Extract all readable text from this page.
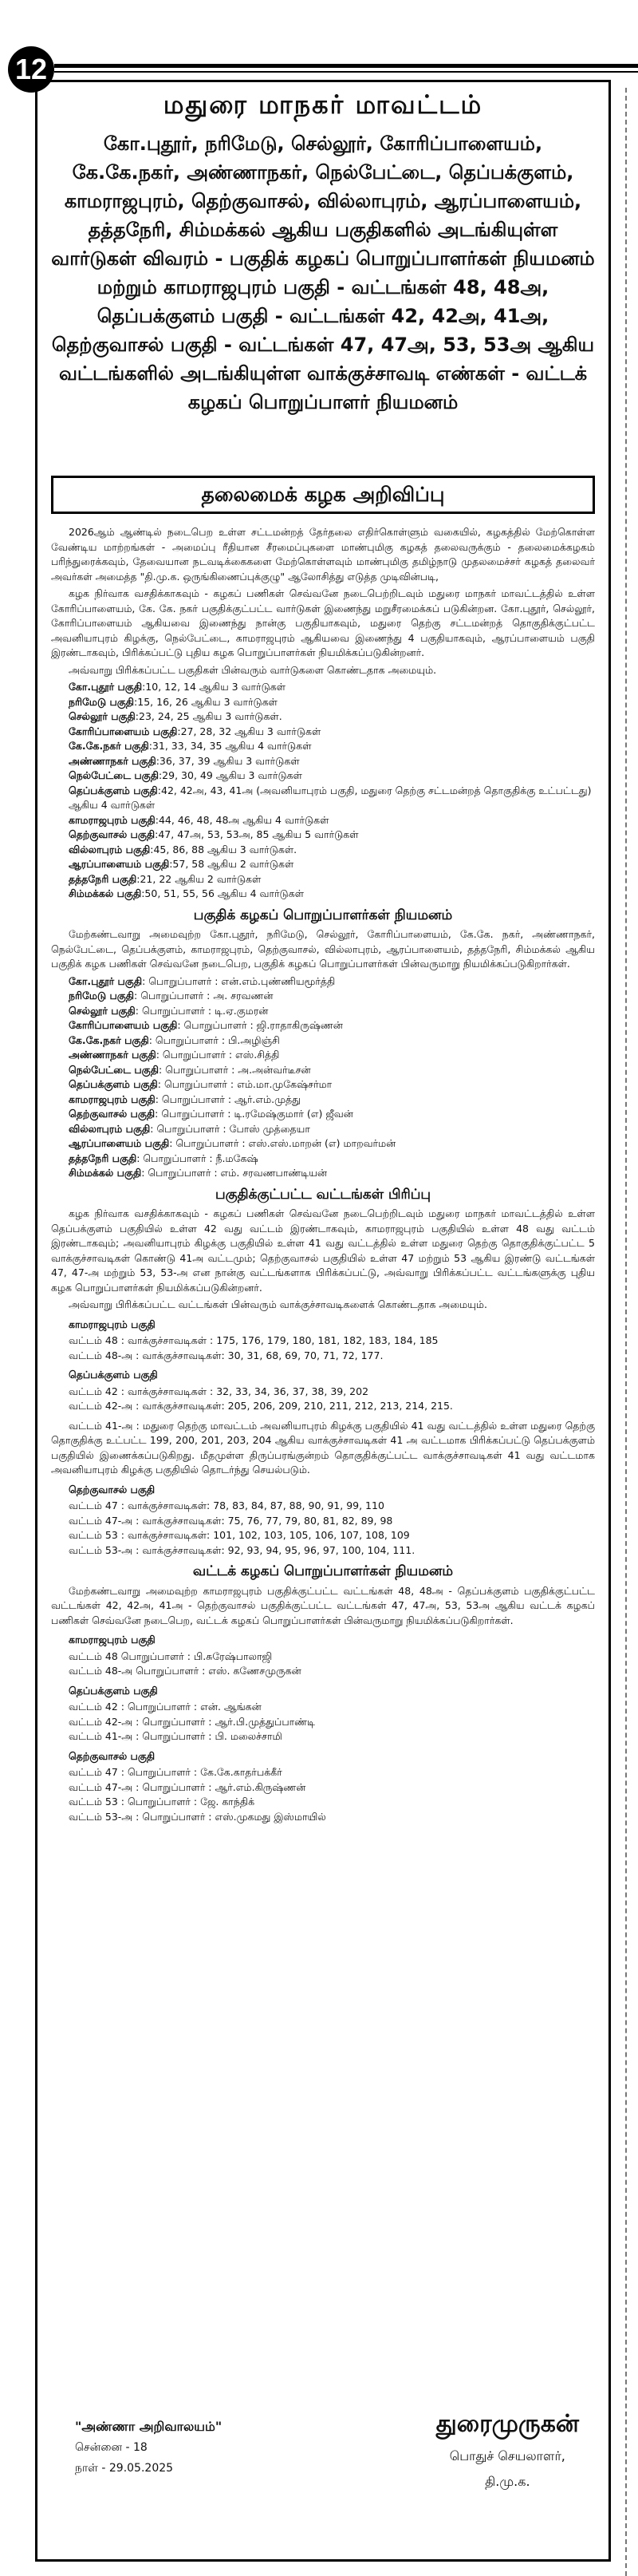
12
மதுரை மாநகர் மாவட்டம்
கோ.புதூர், நரிமேடு, செல்லூர், கோரிப்பாளையம், கே.கே.நகர், அண்ணாநகர், நெல்பேட்டை, தெப்பக்குளம், காமராஜபுரம், தெற்குவாசல், வில்லாபுரம், ஆரப்பாளையம், தத்தநேரி, சிம்மக்கல் ஆகிய பகுதிகளில் அடங்கியுள்ள வார்டுகள் விவரம் - பகுதிக் கழகப் பொறுப்பாளர்கள் நியமனம் மற்றும் காமராஜபுரம் பகுதி - வட்டங்கள் 48, 48அ, தெப்பக்குளம் பகுதி - வட்டங்கள் 42, 42அ, 41அ, தெற்குவாசல் பகுதி - வட்டங்கள் 47, 47அ, 53, 53அ ஆகிய வட்டங்களில் அடங்கியுள்ள வாக்குச்சாவடி எண்கள் - வட்டக் கழகப் பொறுப்பாளர் நியமனம்
தலைமைக் கழக அறிவிப்பு

2026ஆம் ஆண்டில் நடைபெற உள்ள சட்டமன்றத் தேர்தலை எதிர்கொள்ளும் வகையில், கழகத்தில் மேற்கொள்ள வேண்டிய மாற்றங்கள் - அமைப்பு ரீதியான சீரமைப்புகளை மாண்புமிகு கழகத் தலைவருக்கும் - தலைமைக்கழகம் பரிந்துரைக்கவும், தேவையான நடவடிக்கைகளை மேற்கொள்ளவும் மாண்புமிகு தமிழ்நாடு முதலமைச்சர் கழகத் தலைவர் அவர்கள் அமைத்த "தி.மு.க. ஒருங்கிணைப்புக்குழு" ஆலோசித்து எடுத்த முடிவின்படி,

கழக நிர்வாக வசதிக்காகவும் - கழகப் பணிகள் செவ்வனே நடைபெற்றிடவும் மதுரை மாநகர் மாவட்டத்தில் உள்ள கோரிப்பாளையம், கே. கே. நகர் பகுதிக்குட்பட்ட வார்டுகள் இணைந்து மறுசீரமைக்கப் படுகின்றன. கோ.புதூர், செல்லூர், கோரிப்பாளையம் ஆகியவை இணைந்து நான்கு பகுதியாகவும், மதுரை தெற்கு சட்டமன்றத் தொகுதிக்குட்பட்ட அவனியாபுரம் கிழக்கு, நெல்பேட்டை, காமராஜபுரம் ஆகியவை இணைந்து 4 பகுதியாகவும், ஆரப்பாளையம் பகுதி இரண்டாகவும், பிரிக்கப்பட்டு புதிய கழக பொறுப்பாளர்கள் நியமிக்கப்படுகின்றனர்.

அவ்வாறு பிரிக்கப்பட்ட பகுதிகள் பின்வரும் வார்டுகளை கொண்டதாக அமையும்.

கோ.புதூர் பகுதி:10, 12, 14 ஆகிய 3 வார்டுகள்
நரிமேடு பகுதி:15, 16, 26 ஆகிய 3 வார்டுகள்
செல்லூர் பகுதி:23, 24, 25 ஆகிய 3 வார்டுகள்.
கோரிப்பாளையம் பகுதி:27, 28, 32 ஆகிய 3 வார்டுகள்
கே.கே.நகர் பகுதி:31, 33, 34, 35 ஆகிய 4 வார்டுகள்
அண்ணாநகர் பகுதி:36, 37, 39 ஆகிய 3 வார்டுகள்
நெல்பேட்டை பகுதி:29, 30, 49 ஆகிய 3 வார்டுகள்
தெப்பக்குளம் பகுதி:42, 42அ, 43, 41அ (அவனியாபுரம் பகுதி, மதுரை தெற்கு சட்டமன்றத் தொகுதிக்கு உட்பட்டது) ஆகிய 4 வார்டுகள்
காமராஜபுரம் பகுதி:44, 46, 48, 48அ ஆகிய 4 வார்டுகள்
தெற்குவாசல் பகுதி:47, 47அ, 53, 53அ, 85 ஆகிய 5 வார்டுகள்
வில்லாபுரம் பகுதி:45, 86, 88 ஆகிய 3 வார்டுகள்.
ஆரப்பாளையம் பகுதி:57, 58 ஆகிய 2 வார்டுகள்
தத்தநேரி பகுதி:21, 22 ஆகிய 2 வார்டுகள்
சிம்மக்கல் பகுதி:50, 51, 55, 56 ஆகிய 4 வார்டுகள்
பகுதிக் கழகப் பொறுப்பாளர்கள் நியமனம்

மேற்கண்டவாறு அமைவுற்ற கோ.புதூர், நரிமேடு, செல்லூர், கோரிப்பாளையம், கே.கே. நகர், அண்ணாநகர், நெல்பேட்டை, தெப்பக்குளம், காமராஜபுரம், தெற்குவாசல், வில்லாபுரம், ஆரப்பாளையம், தத்தநேரி, சிம்மக்கல் ஆகிய பகுதிக் கழக பணிகள் செவ்வனே நடைபெற, பகுதிக் கழகப் பொறுப்பாளர்கள் பின்வருமாறு நியமிக்கப்படுகிறார்கள்.

கோ.புதூர் பகுதி: பொறுப்பாளர் : என்.எம்.புண்ணியமூர்த்தி
நரிமேடு பகுதி: பொறுப்பாளர் : அ. சரவணன்
செல்லூர் பகுதி: பொறுப்பாளர் : டி.ஏ.குமரன்
கோரிப்பாளையம் பகுதி: பொறுப்பாளர் : ஜி.ராதாகிருஷ்ணன்
கே.கே.நகர் பகுதி: பொறுப்பாளர் : பி.அழிஞ்சி
அண்ணாநகர் பகுதி: பொறுப்பாளர் : எஸ்.சித்தி
நெல்பேட்டை பகுதி: பொறுப்பாளர் : அ.அன்வர்டீசன்
தெப்பக்குளம் பகுதி: பொறுப்பாளர் : எம்.மா.முகேஷ்சர்மா
காமராஜபுரம் பகுதி: பொறுப்பாளர் : ஆர்.எம்.முத்து
தெற்குவாசல் பகுதி: பொறுப்பாளர் : டி.ரமேஷ்குமார் (எ) ஜீவன்
வில்லாபுரம் பகுதி: பொறுப்பாளர் : போஸ் முத்தையா
ஆரப்பாளையம் பகுதி: பொறுப்பாளர் : எஸ்.எஸ்.மாறன் (எ) மாறவர்மன்
தத்தநேரி பகுதி: பொறுப்பாளர் : நீ.மகேஷ்
சிம்மக்கல் பகுதி: பொறுப்பாளர் : எம். சரவணபாண்டியன்
பகுதிக்குட்பட்ட வட்டங்கள் பிரிப்பு

கழக நிர்வாக வசதிக்காகவும் - கழகப் பணிகள் செவ்வனே நடைபெற்றிடவும் மதுரை மாநகர் மாவட்டத்தில் உள்ள தெப்பக்குளம் பகுதியில் உள்ள 42 வது வட்டம் இரண்டாகவும், காமராஜபுரம் பகுதியில் உள்ள 48 வது வட்டம் இரண்டாகவும்; அவனியாபுரம் கிழக்கு பகுதியில் உள்ள 41 வது வட்டத்தில் உள்ள மதுரை தெற்கு தொகுதிக்குட்பட்ட 5 வாக்குச்சாவடிகள் கொண்டு 41அ வட்டமும்; தெற்குவாசல் பகுதியில் உள்ள 47 மற்றும் 53 ஆகிய இரண்டு வட்டங்கள் 47, 47-அ மற்றும் 53, 53-அ என நான்கு வட்டங்களாக பிரிக்கப்பட்டு, அவ்வாறு பிரிக்கப்பட்ட வட்டங்களுக்கு புதிய கழக பொறுப்பாளர்கள் நியமிக்கப்படுகின்றனர்.

அவ்வாறு பிரிக்கப்பட்ட வட்டங்கள் பின்வரும் வாக்குச்சாவடிகளைக் கொண்டதாக அமையும்.

காமராஜபுரம் பகுதி
வட்டம் 48 : வாக்குச்சாவடிகள் : 175, 176, 179, 180, 181, 182, 183, 184, 185
வட்டம் 48-அ : வாக்குச்சாவடிகள்: 30, 31, 68, 69, 70, 71, 72, 177.
தெப்பக்குளம் பகுதி
வட்டம் 42 : வாக்குச்சாவடிகள் : 32, 33, 34, 36, 37, 38, 39, 202
வட்டம் 42-அ : வாக்குச்சாவடிகள்: 205, 206, 209, 210, 211, 212, 213, 214, 215.

வட்டம் 41-அ : மதுரை தெற்கு மாவட்டம் அவனியாபுரம் கிழக்கு பகுதியில் 41 வது வட்டத்தில் உள்ள மதுரை தெற்கு தொகுதிக்கு உட்பட்ட 199, 200, 201, 203, 204 ஆகிய வாக்குச்சாவடிகள் 41 அ வட்டமாக பிரிக்கப்பட்டு தெப்பக்குளம் பகுதியில் இணைக்கப்படுகிறது. மீதமுள்ள திருப்பரங்குன்றம் தொகுதிக்குட்பட்ட வாக்குச்சாவடிகள் 41 வது வட்டமாக அவனியாபுரம் கிழக்கு பகுதியில் தொடர்ந்து செயல்படும்.

தெற்குவாசல் பகுதி
வட்டம் 47 : வாக்குச்சாவடிகள்: 78, 83, 84, 87, 88, 90, 91, 99, 110
வட்டம் 47-அ : வாக்குச்சாவடிகள்: 75, 76, 77, 79, 80, 81, 82, 89, 98
வட்டம் 53 : வாக்குச்சாவடிகள்: 101, 102, 103, 105, 106, 107, 108, 109
வட்டம் 53-அ : வாக்குச்சாவடிகள்: 92, 93, 94, 95, 96, 97, 100, 104, 111.
வட்டக் கழகப் பொறுப்பாளர்கள் நியமனம்

மேற்கண்டவாறு அமைவுற்ற காமராஜபுரம் பகுதிக்குட்பட்ட வட்டங்கள் 48, 48அ - தெப்பக்குளம் பகுதிக்குட்பட்ட வட்டங்கள் 42, 42அ, 41அ - தெற்குவாசல் பகுதிக்குட்பட்ட வட்டங்கள் 47, 47அ, 53, 53அ ஆகிய வட்டக் கழகப் பணிகள் செவ்வனே நடைபெற, வட்டக் கழகப் பொறுப்பாளர்கள் பின்வருமாறு நியமிக்கப்படுகிறார்கள்.

காமராஜபுரம் பகுதி
வட்டம் 48 பொறுப்பாளர் : பி.சுரேஷ்பாலாஜி
வட்டம் 48-அ பொறுப்பாளர் : எஸ். கணேசமுருகன்
தெப்பக்குளம் பகுதி
வட்டம் 42 : பொறுப்பாளர் : என். ஆங்கன்
வட்டம் 42-அ : பொறுப்பாளர் : ஆர்.பி.முத்துப்பாண்டி
வட்டம் 41-அ : பொறுப்பாளர் : பி. மலைச்சாமி
தெற்குவாசல் பகுதி
வட்டம் 47 : பொறுப்பாளர் : கே.கே.காதர்பக்கீர்
வட்டம் 47-அ : பொறுப்பாளர் : ஆர்.எம்.கிருஷ்ணன்
வட்டம் 53 : பொறுப்பாளர் : ஜே. காந்திக்
வட்டம் 53-அ : பொறுப்பாளர் : எஸ்.முகமது இஸ்மாயில்
"அண்ணா அறிவாலயம்"
சென்னை - 18
நாள் - 29.05.2025
துரைமுருகன்
பொதுச் செயலாளர்,
தி.மு.க.
